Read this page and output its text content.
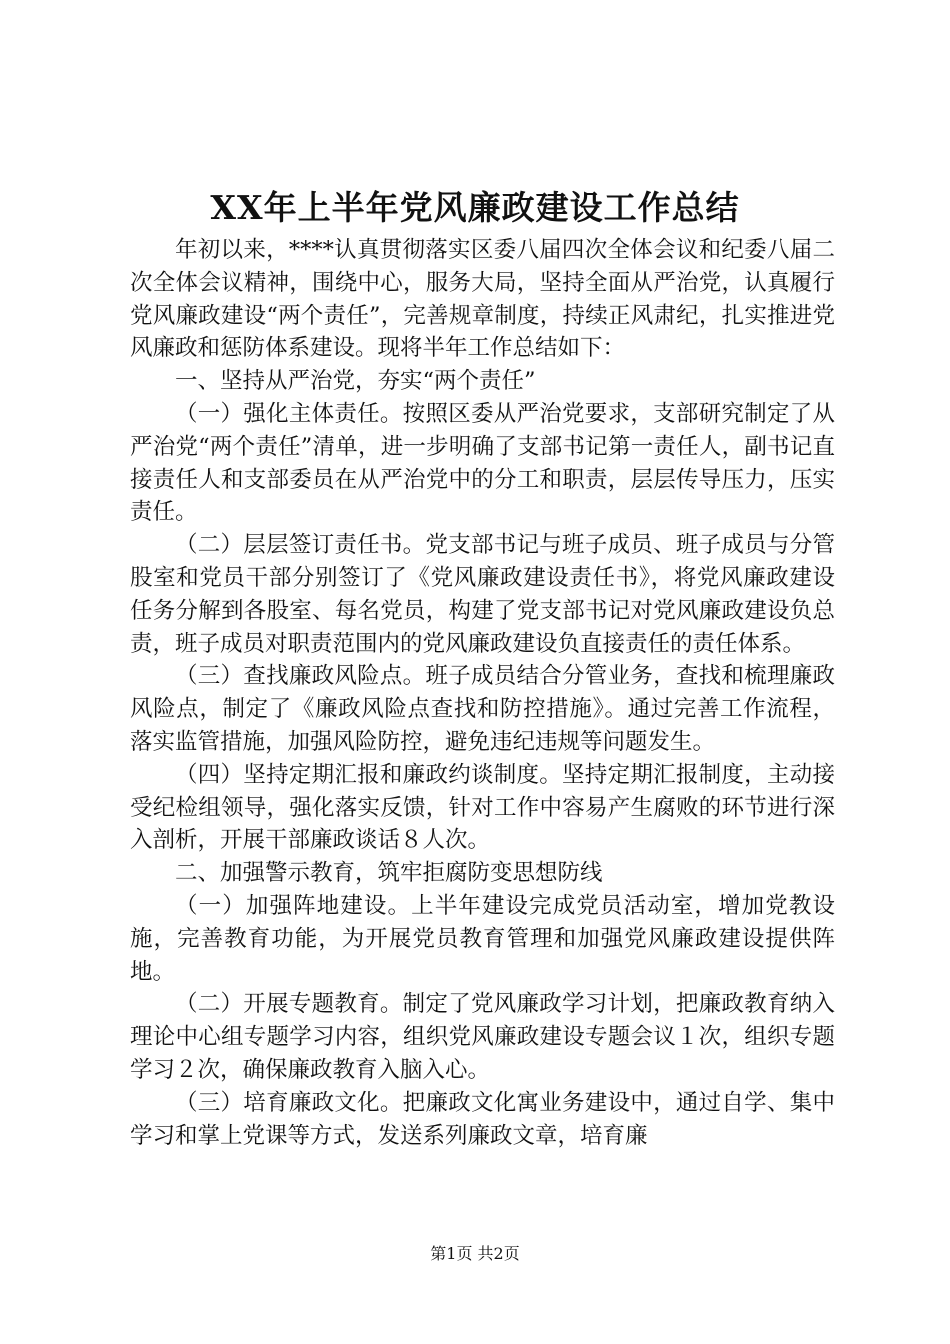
XX年上半年党风廉政建设工作总结

年初以来，****认真贯彻落实区委八届四次全体会议和纪委八届二次全体会议精神，围绕中心，服务大局，坚持全面从严治党，认真履行党风廉政建设“两个责任”，完善规章制度，持续正风肃纪，扎实推进党风廉政和惩防体系建设。现将半年工作总结如下：

一、坚持从严治党，夯实“两个责任”

（一）强化主体责任。按照区委从严治党要求，支部研究制定了从严治党“两个责任”清单，进一步明确了支部书记第一责任人，副书记直接责任人和支部委员在从严治党中的分工和职责，层层传导压力，压实责任。

（二）层层签订责任书。党支部书记与班子成员、班子成员与分管股室和党员干部分别签订了《党风廉政建设责任书》，将党风廉政建设任务分解到各股室、每名党员，构建了党支部书记对党风廉政建设负总责，班子成员对职责范围内的党风廉政建设负直接责任的责任体系。

（三）查找廉政风险点。班子成员结合分管业务，查找和梳理廉政风险点，制定了《廉政风险点查找和防控措施》。通过完善工作流程，落实监管措施，加强风险防控，避免违纪违规等问题发生。

（四）坚持定期汇报和廉政约谈制度。坚持定期汇报制度，主动接受纪检组领导，强化落实反馈，针对工作中容易产生腐败的环节进行深入剖析，开展干部廉政谈话８人次。

二、加强警示教育，筑牢拒腐防变思想防线

（一）加强阵地建设。上半年建设完成党员活动室，增加党教设施，完善教育功能，为开展党员教育管理和加强党风廉政建设提供阵地。

（二）开展专题教育。制定了党风廉政学习计划，把廉政教育纳入理论中心组专题学习内容，组织党风廉政建设专题会议１次，组织专题学习２次，确保廉政教育入脑入心。

（三）培育廉政文化。把廉政文化寓业务建设中，通过自学、集中学习和掌上党课等方式，发送系列廉政文章，培育廉

第1页 共2页
